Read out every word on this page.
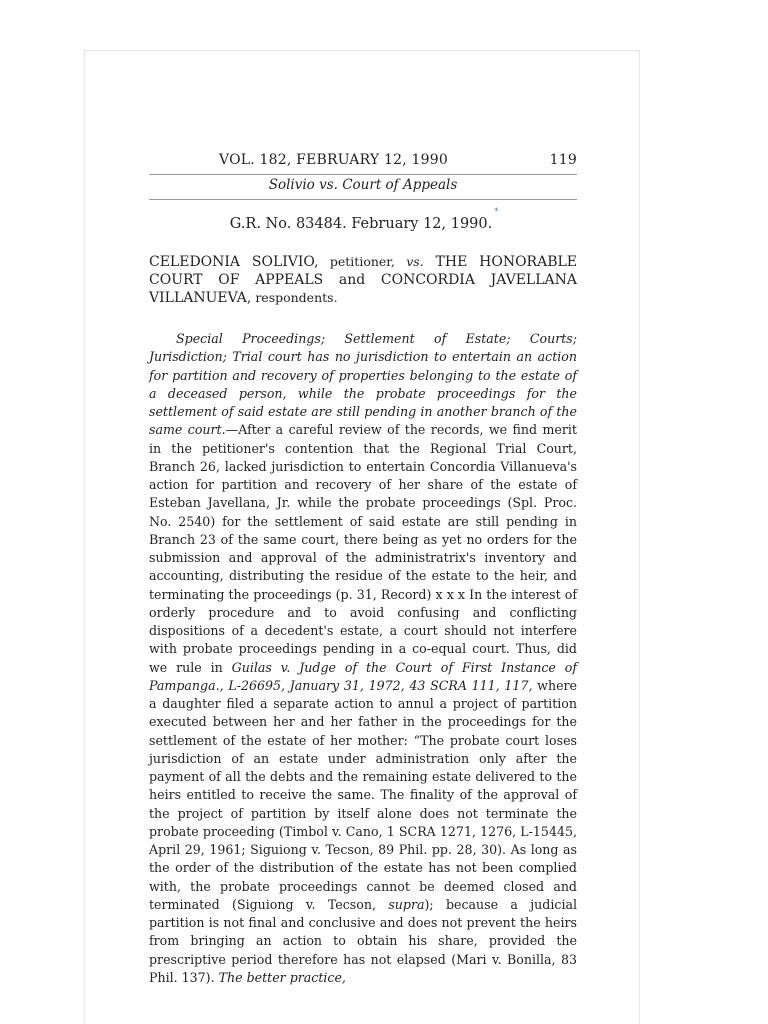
VOL. 182, FEBRUARY 12, 1990	119
Solivio vs. Court of Appeals
G.R. No. 83484. February 12, 1990.*
CELEDONIA SOLIVIO, petitioner, vs. THE HONORABLE COURT OF APPEALS and CONCORDIA JAVELLANA VILLANUEVA, respondents.
Special Proceedings; Settlement of Estate; Courts; Jurisdiction; Trial court has no jurisdiction to entertain an action for partition and recovery of properties belonging to the estate of a deceased person, while the probate proceedings for the settlement of said estate are still pending in another branch of the same court.—After a careful review of the records, we find merit in the petitioner's contention that the Regional Trial Court, Branch 26, lacked jurisdiction to entertain Concordia Villanueva's action for partition and recovery of her share of the estate of Esteban Javellana, Jr. while the probate proceedings (Spl. Proc. No. 2540) for the settlement of said estate are still pending in Branch 23 of the same court, there being as yet no orders for the submission and approval of the administratrix's inventory and accounting, distributing the residue of the estate to the heir, and terminating the proceedings (p. 31, Record) x x x In the interest of orderly procedure and to avoid confusing and conflicting dispositions of a decedent's estate, a court should not interfere with probate proceedings pending in a co-equal court. Thus, did we rule in Guilas v. Judge of the Court of First Instance of Pampanga., L-26695, January 31, 1972, 43 SCRA 111, 117, where a daughter filed a separate action to annul a project of partition executed between her and her father in the proceedings for the settlement of the estate of her mother: “The probate court loses jurisdiction of an estate under administration only after the payment of all the debts and the remaining estate delivered to the heirs entitled to receive the same. The finality of the approval of the project of partition by itself alone does not terminate the probate proceeding (Timbol v. Cano, 1 SCRA 1271, 1276, L-15445, April 29, 1961; Siguiong v. Tecson, 89 Phil. pp. 28, 30). As long as the order of the distribution of the estate has not been complied with, the probate proceedings cannot be deemed closed and terminated (Siguiong v. Tecson, supra); because a judicial partition is not final and conclusive and does not prevent the heirs from bringing an action to obtain his share, provided the prescriptive period therefore has not elapsed (Mari v. Bonilla, 83 Phil. 137). The better practice,
